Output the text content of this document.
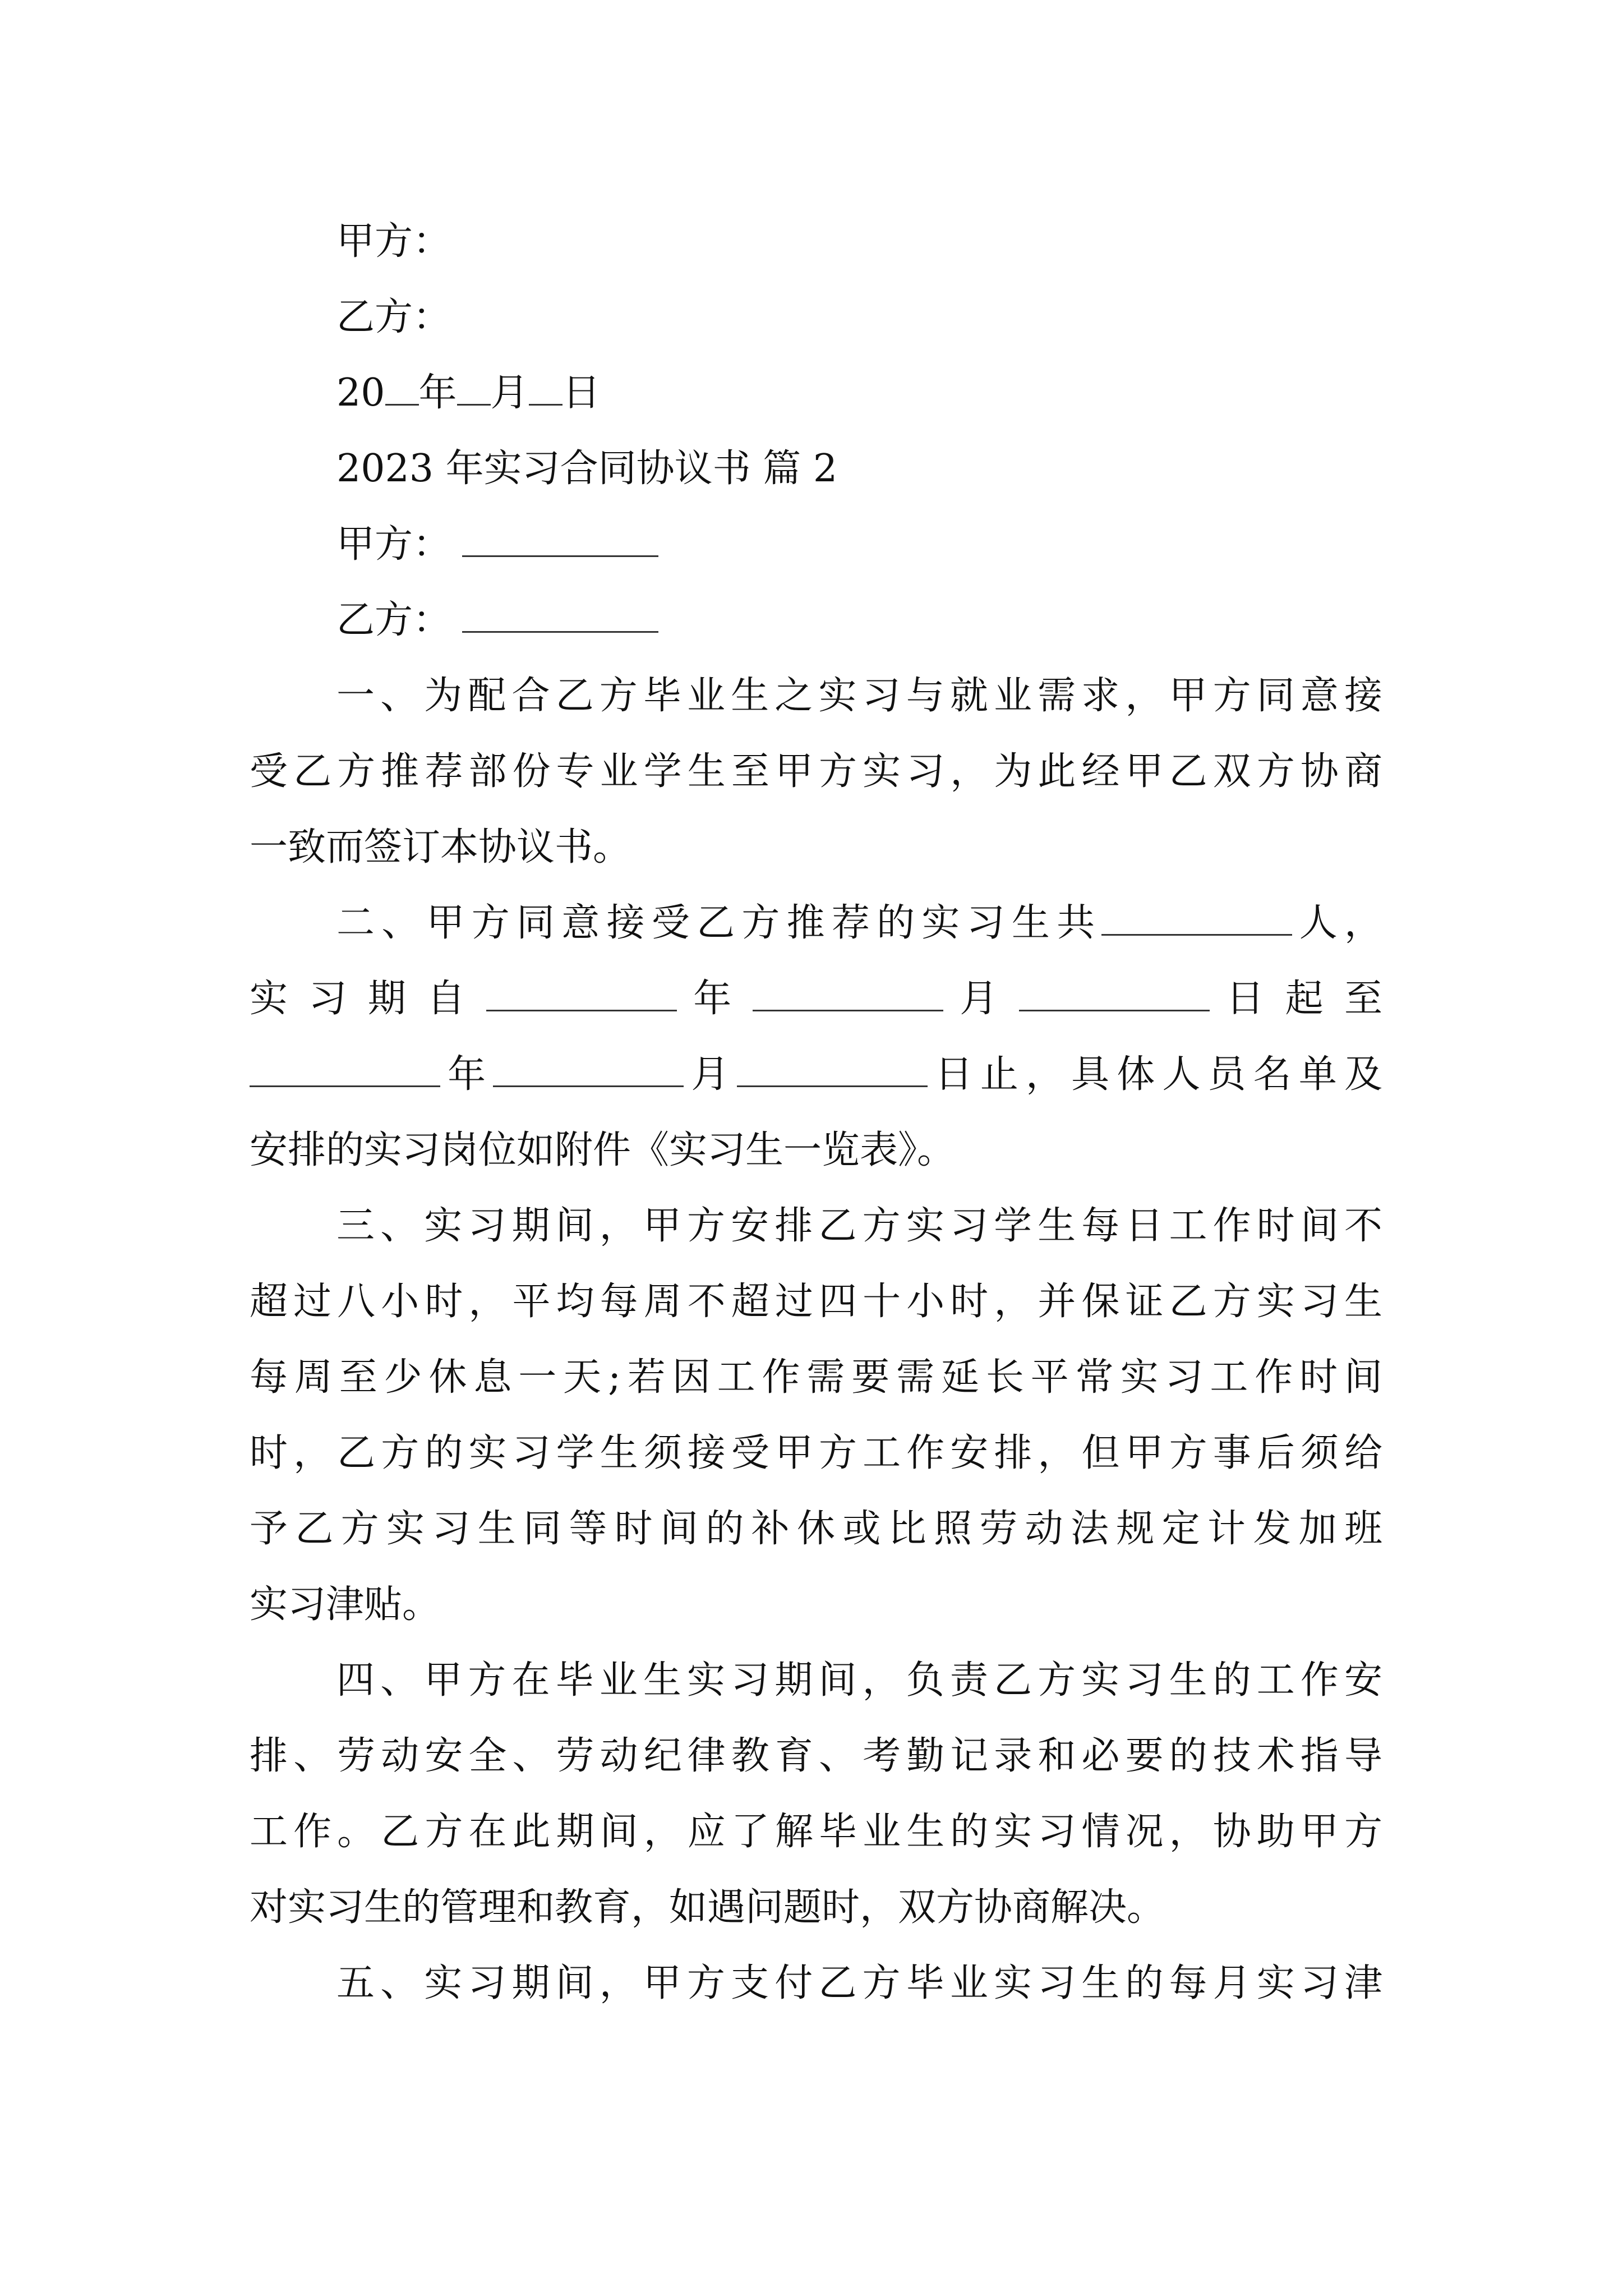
甲方：
乙方：
20 年 月 日
2023 年实习合同协议书 篇 2
甲方：
乙方：
一、为配合乙方毕业生之实习与就业需求，甲方同意接
受乙方推荐部份专业学生至甲方实习，为此经甲乙双方协商
一致而签订本协议书。
二、甲方同意接受乙方推荐的实习生共	人，
实 习 期 自	年	月	日 起 至
年	月	日止，具体人员名单及
安排的实习岗位如附件《实习生一览表》。
三、实习期间，甲方安排乙方实习学生每日工作时间不
超过八小时，平均每周不超过四十小时，并保证乙方实习生
每周至少休息一天;若因工作需要需延长平常实习工作时间
时，乙方的实习学生须接受甲方工作安排，但甲方事后须给
予乙方实习生同等时间的补休或比照劳动法规定计发加班
实习津贴。
四、甲方在毕业生实习期间，负责乙方实习生的工作安
排、劳动安全、劳动纪律教育、考勤记录和必要的技术指导
工作。乙方在此期间，应了解毕业生的实习情况，协助甲方
对实习生的管理和教育，如遇问题时，双方协商解决。
五、实习期间，甲方支付乙方毕业实习生的每月实习津
